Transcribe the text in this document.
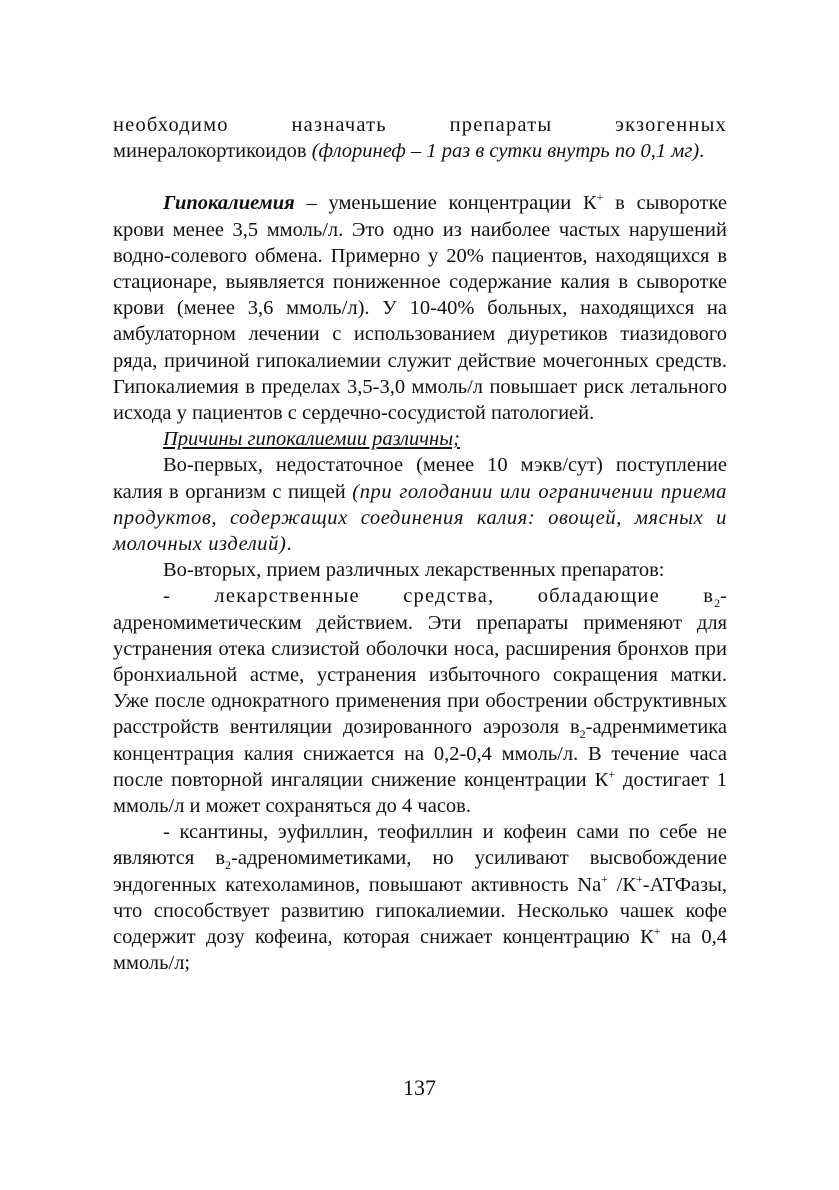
необходимо назначать препараты экзогенных
минералокортикоидов (флоринеф – 1 раз в сутки внутрь по 0,1 мг).

Гипокалиемия – уменьшение концентрации К+ в сыворотке крови менее 3,5 ммоль/л. Это одно из наиболее частых нарушений водно-солевого обмена. Примерно у 20% пациентов, находящихся в стационаре, выявляется пониженное содержание калия в сыворотке крови (менее 3,6 ммоль/л). У 10-40% больных, находящихся на амбулаторном лечении с использованием диуретиков тиазидового ряда, причиной гипокалиемии служит действие мочегонных средств. Гипокалиемия в пределах 3,5-3,0 ммоль/л повышает риск летального исхода у пациентов с сердечно-сосудистой патологией.

Причины гипокалиемии различны;

Во-первых, недостаточное (менее 10 мэкв/сут) поступление калия в организм с пищей (при голодании или ограничении приема продуктов, содержащих соединения калия: овощей, мясных и молочных изделий).

Во-вторых, прием различных лекарственных препаратов:

- лекарственные средства, обладающие $в_2$-адреномиметическим действием. Эти препараты применяют для устранения отека слизистой оболочки носа, расширения бронхов при бронхиальной астме, устранения избыточного сокращения матки. Уже после однократного применения при обострении обструктивных расстройств вентиляции дозированного аэрозоля $в_2$-адренмиметика концентрация калия снижается на 0,2-0,4 ммоль/л. В течение часа после повторной ингаляции снижение концентрации К+ достигает 1 ммоль/л и может сохраняться до 4 часов.

- ксантины, эуфиллин, теофиллин и кофеин сами по себе не являются $в_2$-адреномиметиками, но усиливают высвобождение эндогенных катехоламинов, повышают активность Na+ /К+-АТФазы, что способствует развитию гипокалиемии. Несколько чашек кофе содержит дозу кофеина, которая снижает концентрацию К+ на 0,4 ммоль/л;

137
